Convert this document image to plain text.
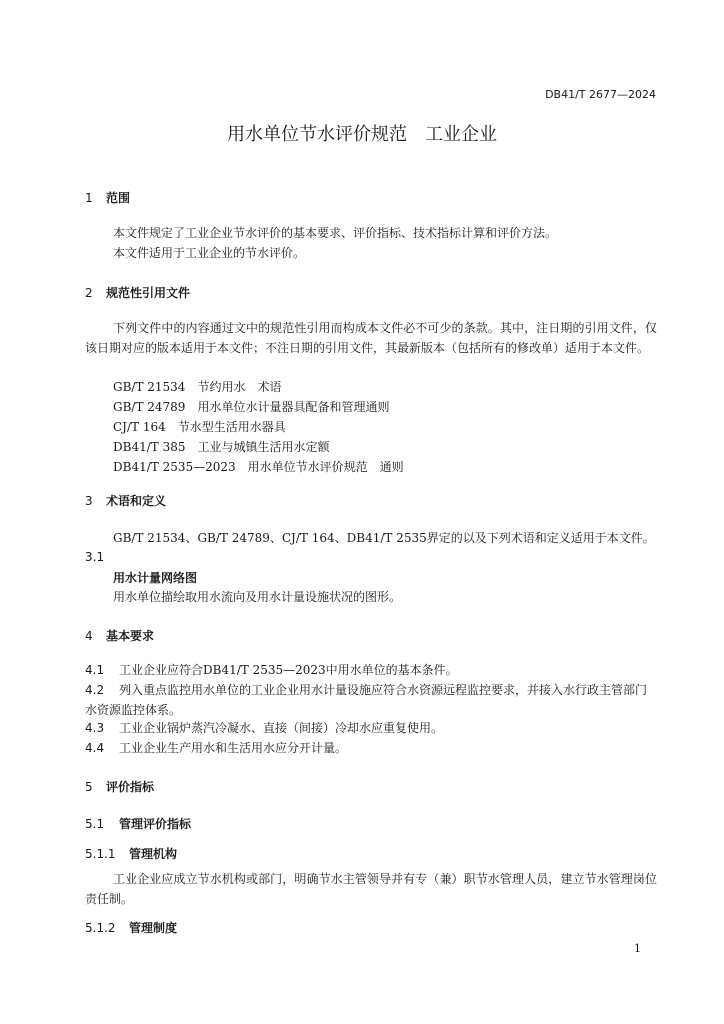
DB41/T 2677—2024
用水单位节水评价规范　工业企业
1 范围

本文件规定了工业企业节水评价的基本要求、评价指标、技术指标计算和评价方法。

本文件适用于工业企业的节水评价。

2 规范性引用文件

下列文件中的内容通过文中的规范性引用而构成本文件必不可少的条款。其中，注日期的引用文件，仅该日期对应的版本适用于本文件；不注日期的引用文件，其最新版本（包括所有的修改单）适用于本文件。

GB/T 21534　节约用水　术语
GB/T 24789　用水单位水计量器具配备和管理通则
CJ/T 164　节水型生活用水器具
DB41/T 385　工业与城镇生活用水定额
DB41/T 2535—2023　用水单位节水评价规范　通则
3 术语和定义

GB/T 21534、GB/T 24789、CJ/T 164、DB41/T 2535界定的以及下列术语和定义适用于本文件。

3.1
用水计量网络图
用水单位描绘取用水流向及用水计量设施状况的图形。
4 基本要求

4.1 工业企业应符合DB41/T 2535—2023中用水单位的基本条件。

4.2 列入重点监控用水单位的工业企业用水计量设施应符合水资源远程监控要求，并接入水行政主管部门水资源监控体系。

4.3 工业企业锅炉蒸汽冷凝水、直接（间接）冷却水应重复使用。

4.4 工业企业生产用水和生活用水应分开计量。

5 评价指标
5.1 管理评价指标
5.1.1 管理机构

工业企业应成立节水机构或部门，明确节水主管领导并有专（兼）职节水管理人员，建立节水管理岗位责任制。

5.1.2 管理制度
1
